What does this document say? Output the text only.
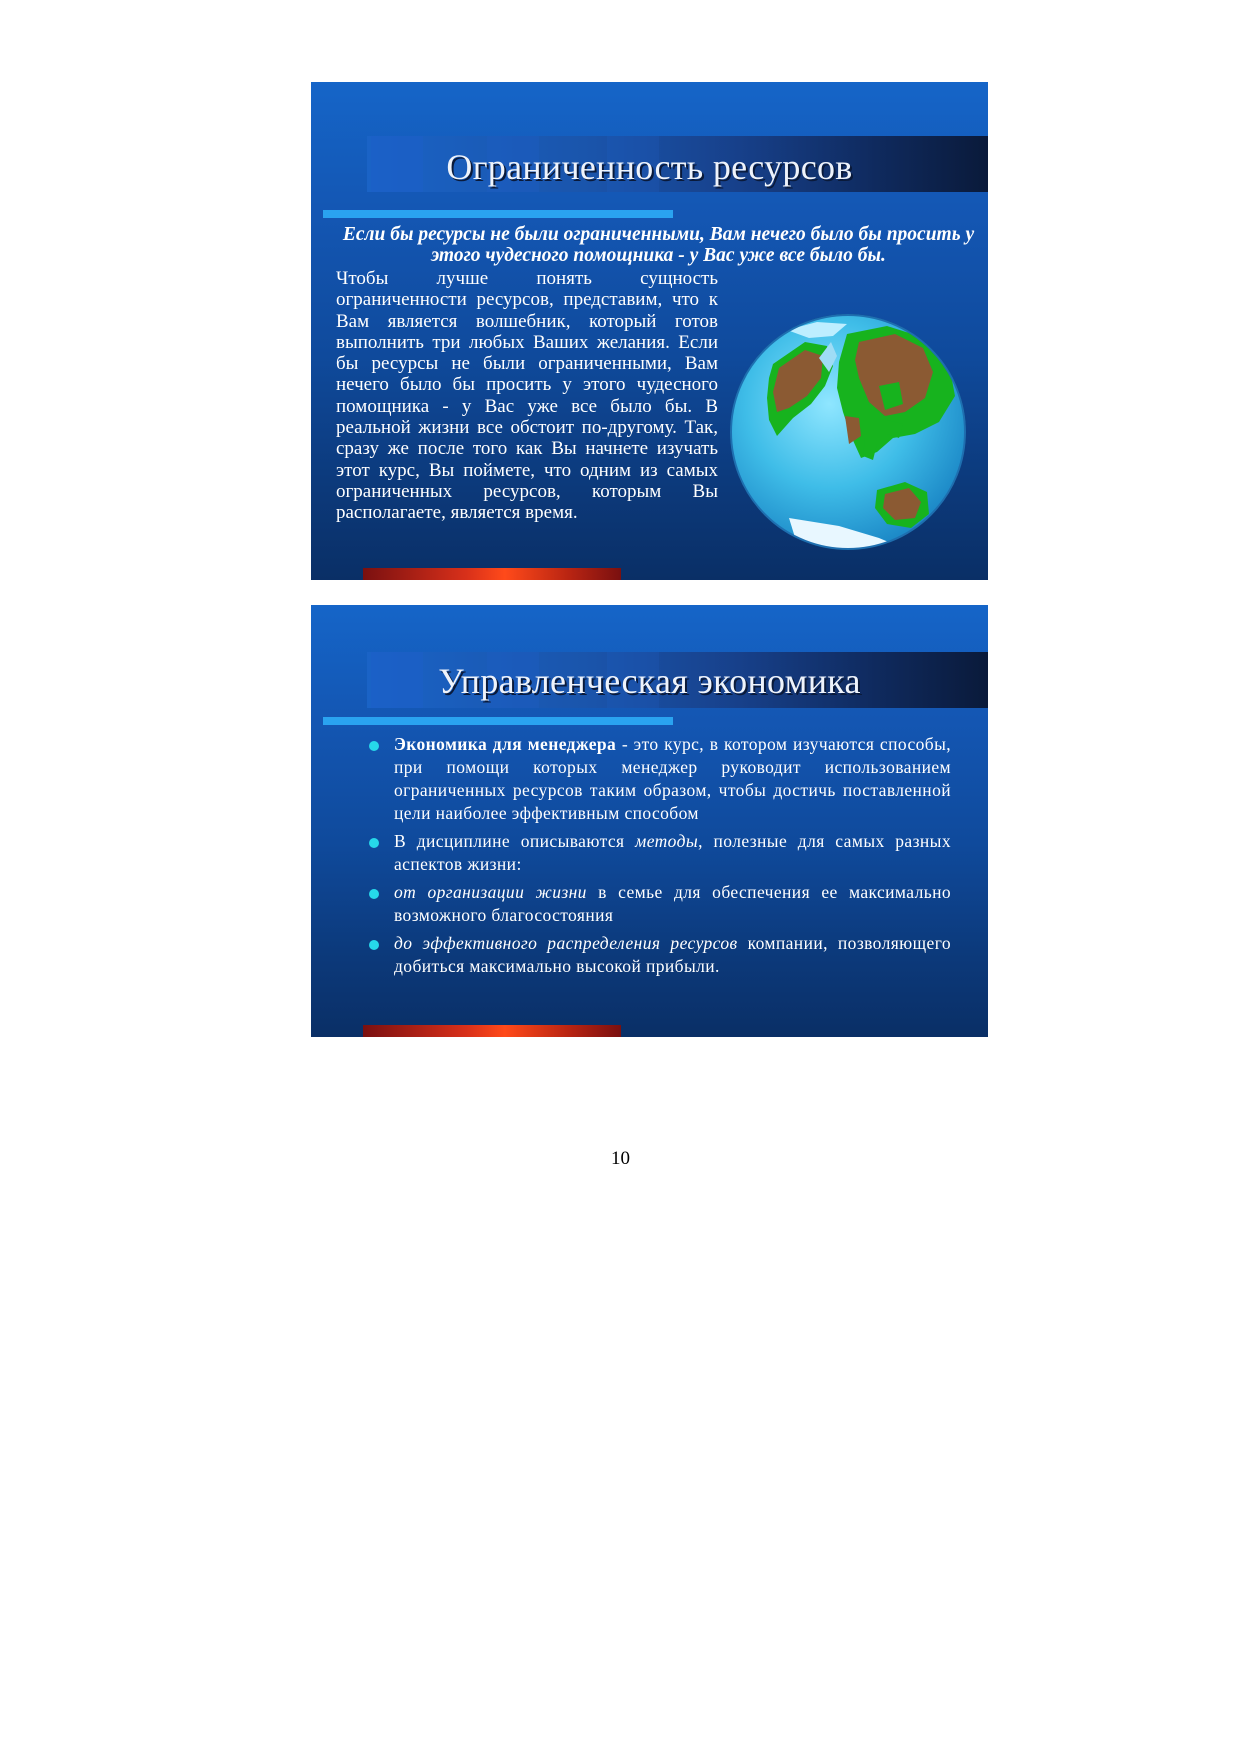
Ограниченность ресурсов

Если бы ресурсы не были ограниченными, Вам нечего было бы просить у этого чудесного помощника - у Вас уже все было бы.

Чтобы лучше понять сущность ограниченности ресурсов, представим, что к Вам является волшебник, который готов выполнить три любых Ваших желания. Если бы ресурсы не были ограниченными, Вам нечего было бы просить у этого чудесного помощника - у Вас уже все было бы. В реальной жизни все обстоит по-другому. Так, сразу же после того как Вы начнете изучать этот курс, Вы поймете, что одним из самых ограниченных ресурсов, которым Вы располагаете, является время.

Управленческая экономика
Экономика для менеджера - это курс, в котором изучаются способы, при помощи которых менеджер руководит использованием ограниченных ресурсов таким образом, чтобы достичь поставленной цели наиболее эффективным способом
В дисциплине описываются методы, полезные для самых разных аспектов жизни:
от организации жизни в семье для обеспечения ее максимально возможного благосостояния
до эффективного распределения ресурсов компании, позволяющего добиться максимально высокой прибыли.
10
